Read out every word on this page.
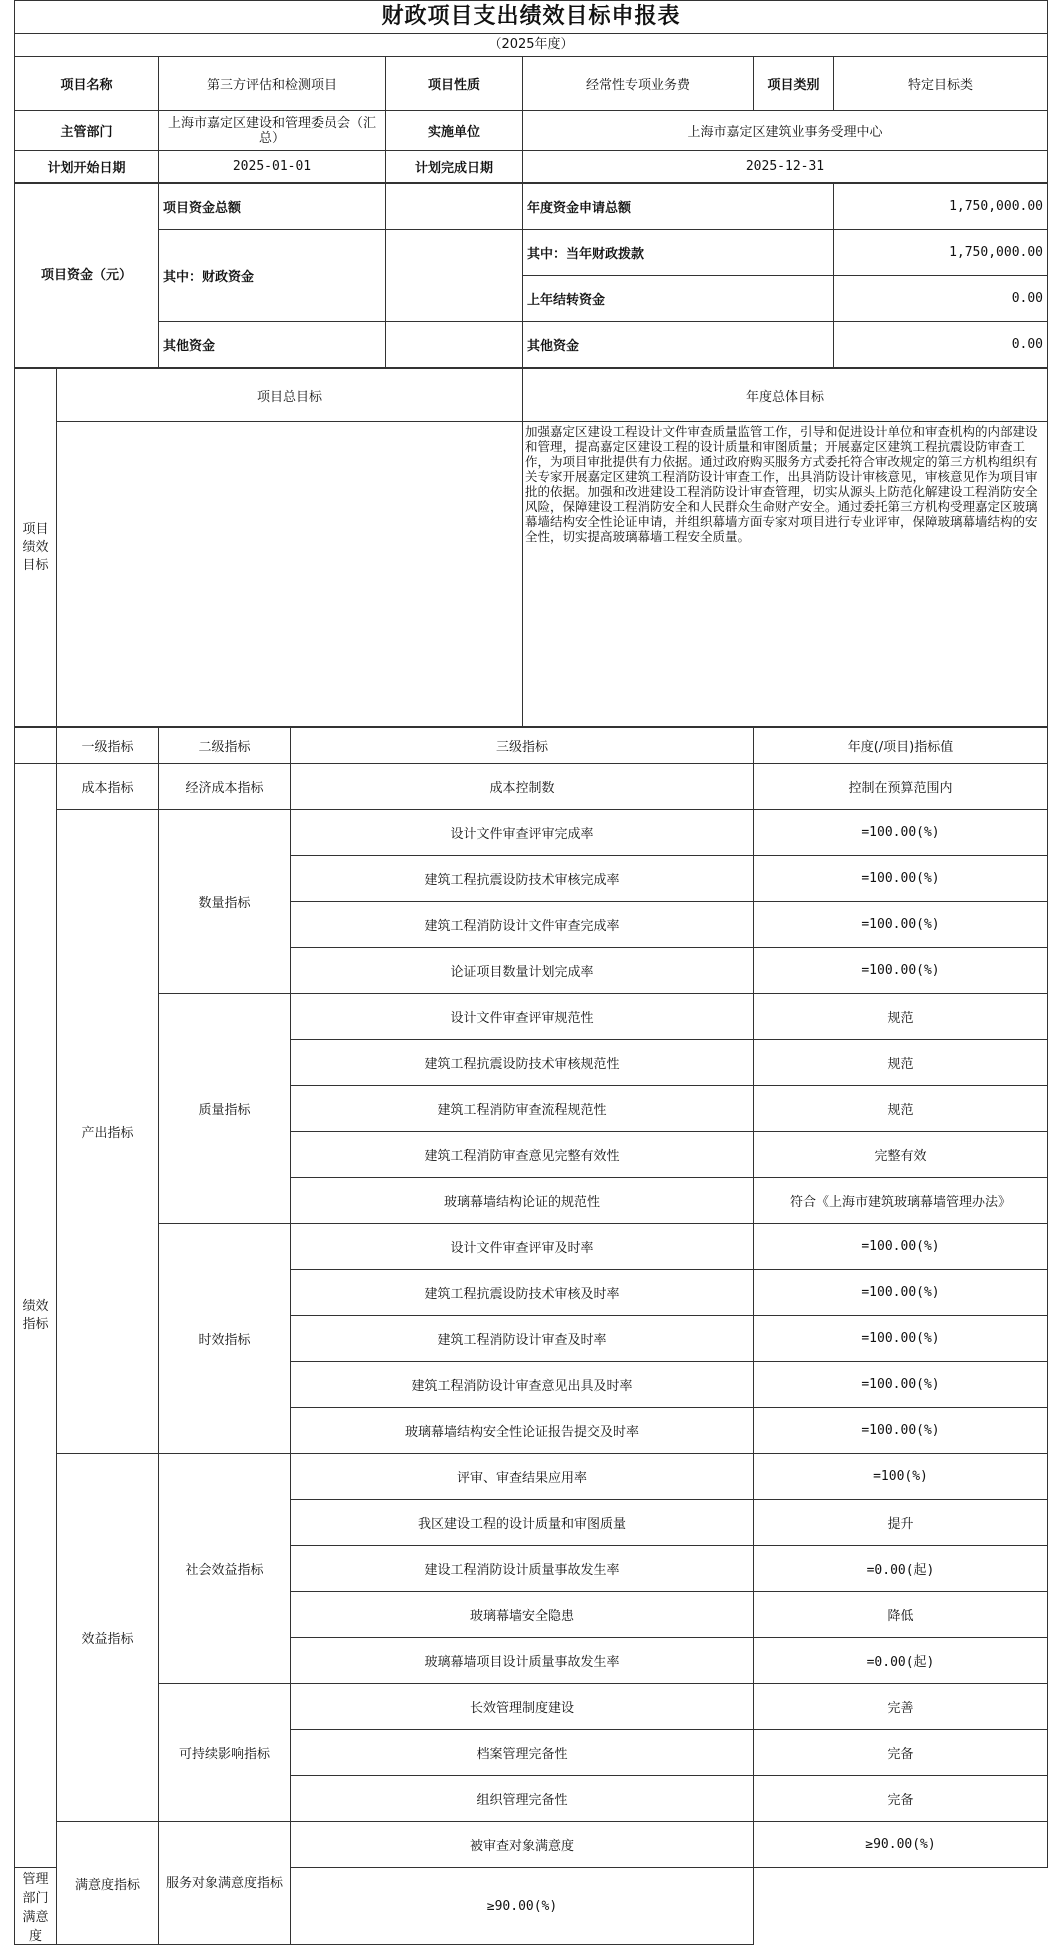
财政项目支出绩效目标申报表
（2025年度）
项目名称	第三方评估和检测项目	项目性质	经常性专项业务费	项目类别	特定目标类
主管部门	上海市嘉定区建设和管理委员会（汇总）	实施单位	上海市嘉定区建筑业事务受理中心		
计划开始日期	2025-01-01	计划完成日期	2025-12-31		
项目资金（元）	项目资金总额		年度资金申请总额	1,750,000.00
	其中：财政资金		其中：当年财政拨款	1,750,000.00
			上年结转资金	0.00
	其他资金		其他资金	0.00
项目绩效目标	项目总目标	年度总体目标
		加强嘉定区建设工程设计文件审查质量监管工作，引导和促进设计单位和审查机构的内部建设和管理，提高嘉定区建设工程的设计质量和审图质量；开展嘉定区建筑工程抗震设防审查工作，为项目审批提供有力依据。通过政府购买服务方式委托符合审改规定的第三方机构组织有关专家开展嘉定区建筑工程消防设计审查工作，出具消防设计审核意见，审核意见作为项目审批的依据。加强和改进建设工程消防设计审查管理，切实从源头上防范化解建设工程消防安全风险，保障建设工程消防安全和人民群众生命财产安全。通过委托第三方机构受理嘉定区玻璃幕墙结构安全性论证申请，并组织幕墙方面专家对项目进行专业评审，保障玻璃幕墙结构的安全性，切实提高玻璃幕墙工程安全质量。
	一级指标	二级指标	三级指标	年度(/项目)指标值
绩效指标	成本指标	经济成本指标	成本控制数	控制在预算范围内
	产出指标	数量指标	设计文件审查评审完成率	=100.00(%)
			建筑工程抗震设防技术审核完成率	=100.00(%)
			建筑工程消防设计文件审查完成率	=100.00(%)
			论证项目数量计划完成率	=100.00(%)
		质量指标	设计文件审查评审规范性	规范
			建筑工程抗震设防技术审核规范性	规范
			建筑工程消防审查流程规范性	规范
			建筑工程消防审查意见完整有效性	完整有效
			玻璃幕墙结构论证的规范性	符合《上海市建筑玻璃幕墙管理办法》
		时效指标	设计文件审查评审及时率	=100.00(%)
			建筑工程抗震设防技术审核及时率	=100.00(%)
			建筑工程消防设计审查及时率	=100.00(%)
			建筑工程消防设计审查意见出具及时率	=100.00(%)
			玻璃幕墙结构安全性论证报告提交及时率	=100.00(%)
	效益指标	社会效益指标	评审、审查结果应用率	=100(%)
			我区建设工程的设计质量和审图质量	提升
			建设工程消防设计质量事故发生率	=0.00(起)
			玻璃幕墙安全隐患	降低
			玻璃幕墙项目设计质量事故发生率	=0.00(起)
		可持续影响指标	长效管理制度建设	完善
			档案管理完备性	完备
			组织管理完备性	完备
	满意度指标	服务对象满意度指标	被审查对象满意度	≥90.00(%)
管理部门满意度			≥90.00(%)	
